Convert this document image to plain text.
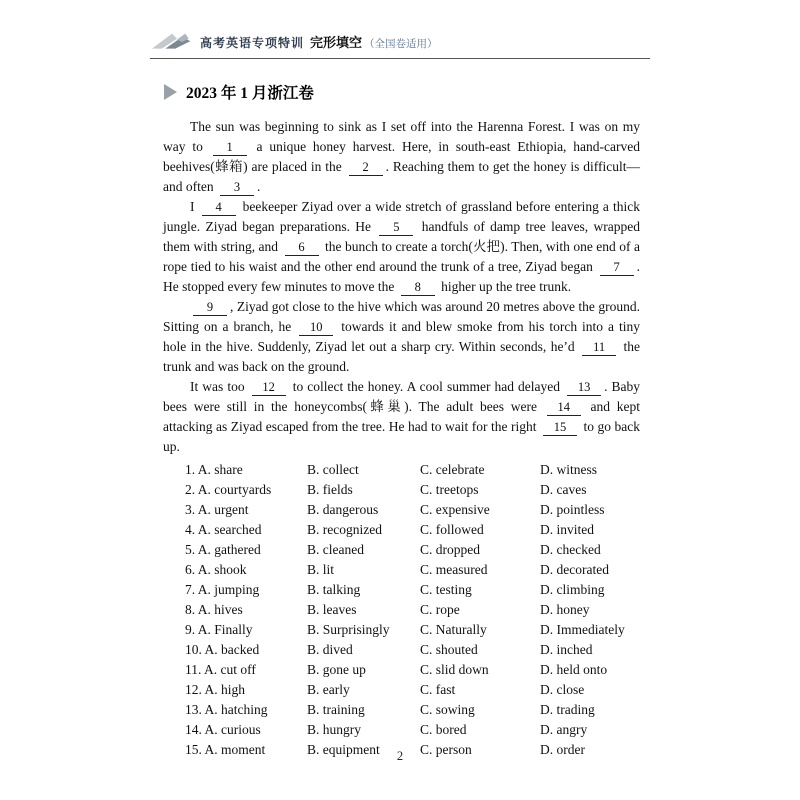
高考英语专项特训 完形填空 （全国卷适用）
2023 年 1 月浙江卷

The sun was beginning to sink as I set off into the Harenna Forest. I was on my way to 1 a unique honey harvest. Here, in south-east Ethiopia, hand-carved beehives(蜂箱) are placed in the 2 . Reaching them to get the honey is difficult—and often 3 .

I 4 beekeeper Ziyad over a wide stretch of grassland before entering a thick jungle. Ziyad began preparations. He 5 handfuls of damp tree leaves, wrapped them with string, and 6 the bunch to create a torch(火把). Then, with one end of a rope tied to his waist and the other end around the trunk of a tree, Ziyad began 7 . He stopped every few minutes to move the 8 higher up the tree trunk.

9 , Ziyad got close to the hive which was around 20 metres above the ground. Sitting on a branch, he 10 towards it and blew smoke from his torch into a tiny hole in the hive. Suddenly, Ziyad let out a sharp cry. Within seconds, he’d 11 the trunk and was back on the ground.

It was too 12 to collect the honey. A cool summer had delayed 13 . Baby bees were still in the honeycombs(蜂巢). The adult bees were 14 and kept attacking as Ziyad escaped from the tree. He had to wait for the right 15 to go back up.

1. A. share	B. collect	C. celebrate	D. witness
2. A. courtyards	B. fields	C. treetops	D. caves
3. A. urgent	B. dangerous	C. expensive	D. pointless
4. A. searched	B. recognized	C. followed	D. invited
5. A. gathered	B. cleaned	C. dropped	D. checked
6. A. shook	B. lit	C. measured	D. decorated
7. A. jumping	B. talking	C. testing	D. climbing
8. A. hives	B. leaves	C. rope	D. honey
9. A. Finally	B. Surprisingly	C. Naturally	D. Immediately
10. A. backed	B. dived	C. shouted	D. inched
11. A. cut off	B. gone up	C. slid down	D. held onto
12. A. high	B. early	C. fast	D. close
13. A. hatching	B. training	C. sowing	D. trading
14. A. curious	B. hungry	C. bored	D. angry
15. A. moment	B. equipment	C. person	D. order
2
